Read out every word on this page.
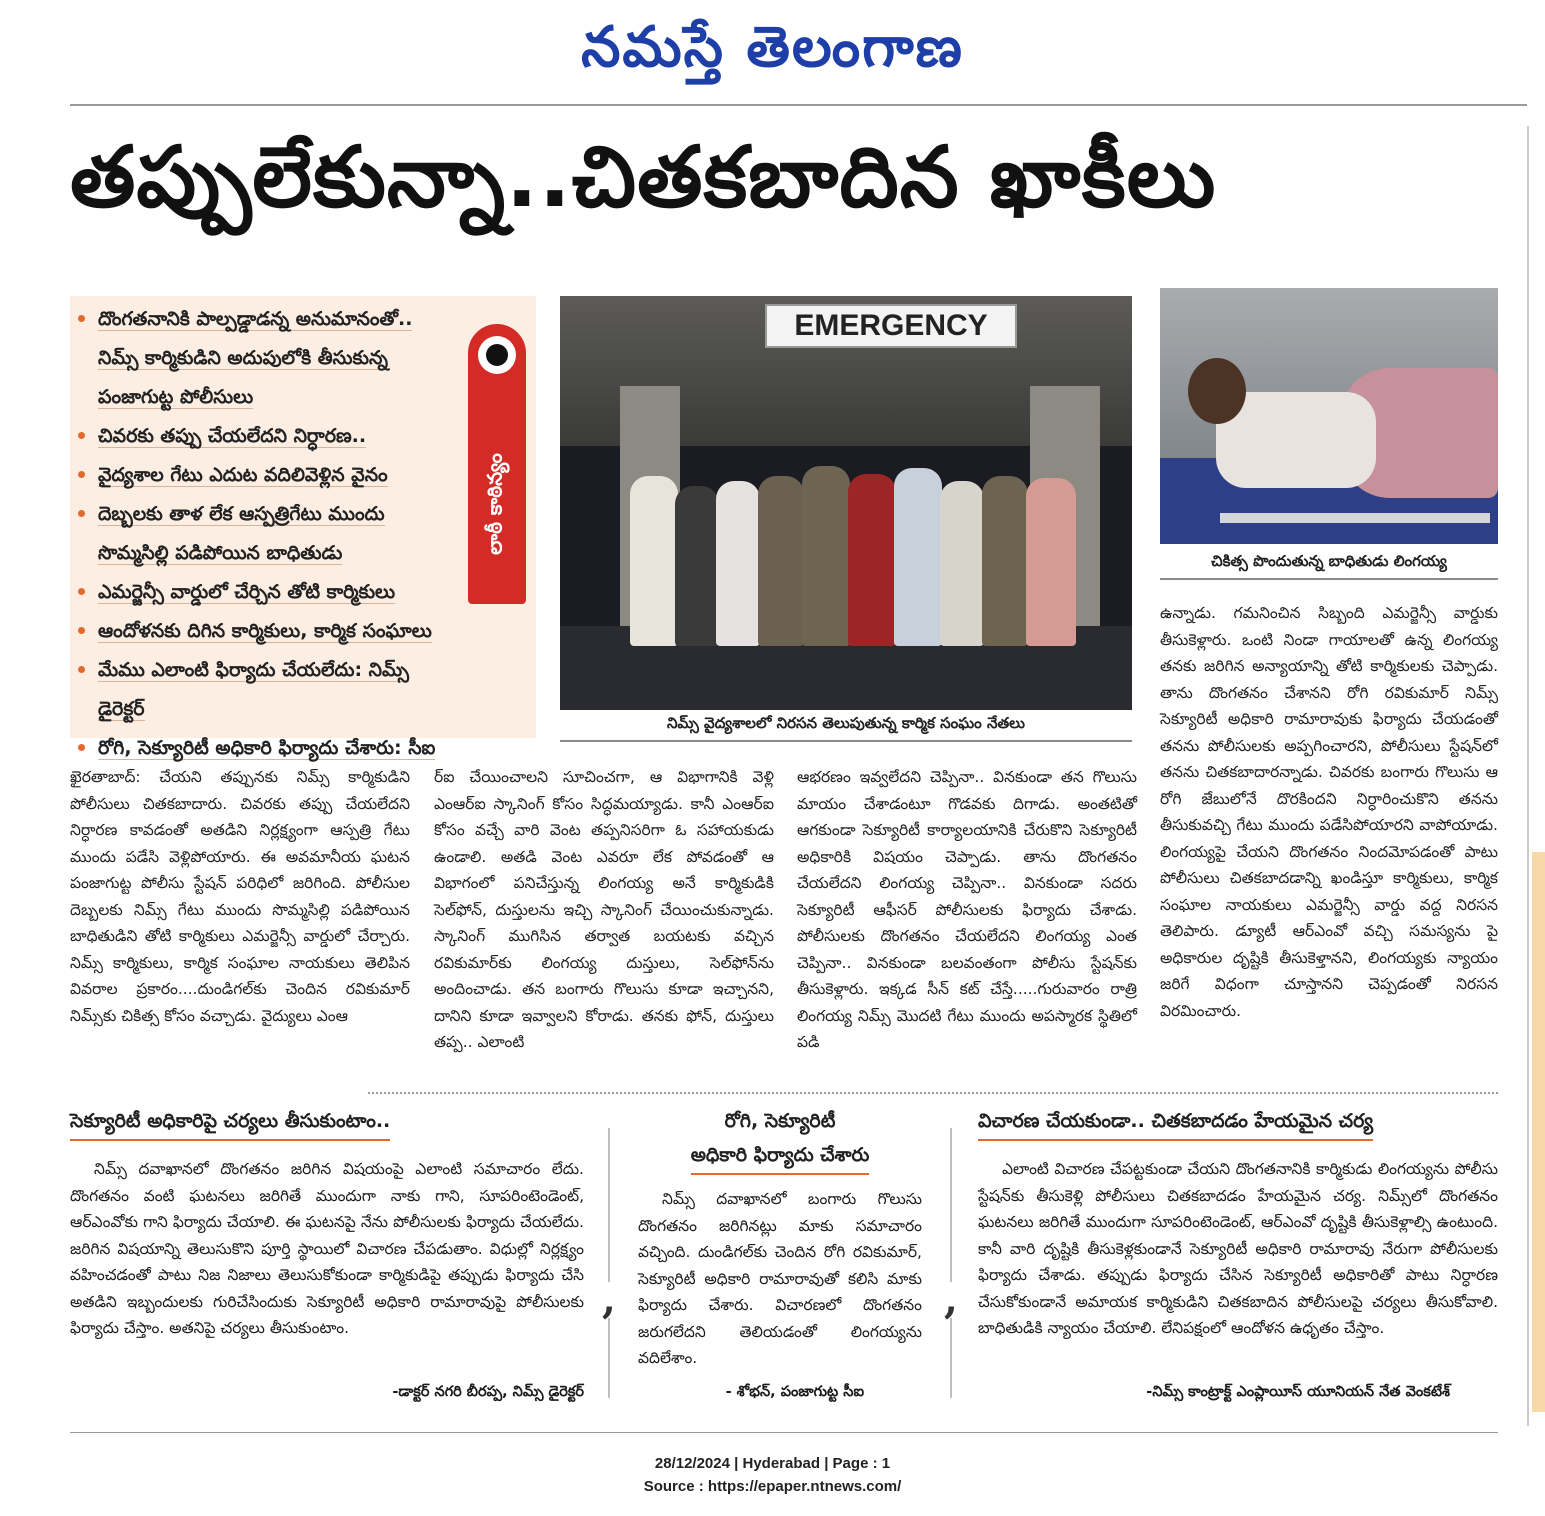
నమస్తే తెలంగాణ
తప్పులేకున్నా..చితకబాదిన ఖాకీలు
దొంగతనానికి పాల్పడ్డాడన్న అనుమానంతో..
నిమ్స్ కార్మికుడిని అదుపులోకి తీసుకున్న
పంజాగుట్ట పోలీసులు
చివరకు తప్పు చేయలేదని నిర్ధారణ..
వైద్యశాల గేటు ఎదుట వదిలివెళ్లిన వైనం
దెబ్బలకు తాళ లేక ఆస్పత్రిగేటు ముందు
సొమ్మసిల్లి పడిపోయిన బాధితుడు
ఎమర్జెన్సీ వార్డులో చేర్చిన తోటి కార్మికులు
ఆందోళనకు దిగిన కార్మికులు, కార్మిక సంఘాలు
మేము ఎలాంటి ఫిర్యాదు చేయలేదు: నిమ్స్ డైరెక్టర్
రోగి, సెక్యూరిటీ అధికారి ఫిర్యాదు చేశారు: సీఐ
లాఠీ కాఠిన్యం
EMERGENCY
నిమ్స్ వైద్యశాలలో నిరసన తెలుపుతున్న కార్మిక సంఘం నేతలు
చికిత్స పొందుతున్న బాధితుడు లింగయ్య
ఖైరతాబాద్: చేయని తప్పునకు నిమ్స్ కార్మికుడిని పోలీసులు చితకబాదారు. చివరకు తప్పు చేయలేదని నిర్ధారణ కావడంతో అతడిని నిర్లక్ష్యంగా ఆస్పత్రి గేటు ముందు పడేసి వెళ్లిపోయారు. ఈ అవమానీయ ఘటన పంజాగుట్ట పోలీసు స్టేషన్ పరిధిలో జరిగింది. పోలీసుల దెబ్బలకు నిమ్స్ గేటు ముందు సొమ్మసిల్లి పడిపోయిన బాధితుడిని తోటి కార్మికులు ఎమర్జెన్సీ వార్డులో చేర్చారు. నిమ్స్ కార్మికులు, కార్మిక సంఘాల నాయకులు తెలిపిన వివరాల ప్రకారం....దుండిగల్‌కు చెందిన రవికుమార్ నిమ్స్‌కు చికిత్స కోసం వచ్చాడు. వైద్యులు ఎంఆ
ర్ఐ చేయించాలని సూచించగా, ఆ విభాగానికి వెళ్లి ఎంఆర్ఐ స్కానింగ్ కోసం సిద్ధమయ్యాడు. కానీ ఎంఆర్ఐ కోసం వచ్చే వారి వెంట తప్పనిసరిగా ఓ సహాయకుడు ఉండాలి. అతడి వెంట ఎవరూ లేక పోవడంతో ఆ విభాగంలో పనిచేస్తున్న లింగయ్య అనే కార్మికుడికి సెల్‌ఫోన్, దుస్తులను ఇచ్చి స్కానింగ్ చేయించుకున్నాడు. స్కానింగ్ ముగిసిన తర్వాత బయటకు వచ్చిన రవికుమార్‌కు లింగయ్య దుస్తులు, సెల్‌ఫోన్‌ను అందించాడు. తన బంగారు గొలుసు కూడా ఇచ్చానని, దానిని కూడా ఇవ్వాలని కోరాడు. తనకు ఫోన్, దుస్తులు తప్ప.. ఎలాంటి
ఆభరణం ఇవ్వలేదని చెప్పినా.. వినకుండా తన గొలుసు మాయం చేశాడంటూ గొడవకు దిగాడు. అంతటితో ఆగకుండా సెక్యూరిటీ కార్యాలయానికి చేరుకొని సెక్యూరిటీ అధికారికి విషయం చెప్పాడు. తాను దొంగతనం చేయలేదని లింగయ్య చెప్పినా.. వినకుండా సదరు సెక్యూరిటీ ఆఫీసర్ పోలీసులకు ఫిర్యాదు చేశాడు. పోలీసులకు దొంగతనం చేయలేదని లింగయ్య ఎంత చెప్పినా.. వినకుండా బలవంతంగా పోలీసు స్టేషన్‌కు తీసుకెళ్లారు. ఇక్కడ సీన్ కట్ చేస్తే.....గురువారం రాత్రి లింగయ్య నిమ్స్ మొదటి గేటు ముందు అపస్మారక స్థితిలో పడి
ఉన్నాడు. గమనించిన సిబ్బంది ఎమర్జెన్సీ వార్డుకు తీసుకెళ్లారు. ఒంటి నిండా గాయాలతో ఉన్న లింగయ్య తనకు జరిగిన అన్యాయాన్ని తోటి కార్మికులకు చెప్పాడు. తాను దొంగతనం చేశానని రోగి రవికుమార్ నిమ్స్ సెక్యూరిటీ అధికారి రామారావుకు ఫిర్యాదు చేయడంతో తనను పోలీసులకు అప్పగించారని, పోలీసులు స్టేషన్‌లో తనను చితకబాదారన్నాడు. చివరకు బంగారు గొలుసు ఆ రోగి జేబులోనే దొరకిందని నిర్ధారించుకొని తనను తీసుకువచ్చి గేటు ముందు పడేసిపోయారని వాపోయాడు. లింగయ్యపై చేయని దొంగతనం నిందమోపడంతో పాటు పోలీసులు చితకబాదడాన్ని ఖండిస్తూ కార్మికులు, కార్మిక సంఘాల నాయకులు ఎమర్జెన్సీ వార్డు వద్ద నిరసన తెలిపారు. డ్యూటీ ఆర్ఎంవో వచ్చి సమస్యను పై అధికారుల దృష్టికి తీసుకెళ్తానని, లింగయ్యకు న్యాయం జరిగే విధంగా చూస్తానని చెప్పడంతో నిరసన విరమించారు.
సెక్యూరిటీ అధికారిపై చర్యలు తీసుకుంటాం..
నిమ్స్ దవాఖానలో దొంగతనం జరిగిన విషయంపై ఎలాంటి సమాచారం లేదు. దొంగతనం వంటి ఘటనలు జరిగితే ముందుగా నాకు గాని, సూపరింటెండెంట్, ఆర్ఎంవోకు గాని ఫిర్యాదు చేయాలి. ఈ ఘటనపై నేను పోలీసులకు ఫిర్యాదు చేయలేదు. జరిగిన విషయాన్ని తెలుసుకొని పూర్తి స్థాయిలో విచారణ చేపడుతాం. విధుల్లో నిర్లక్ష్యం వహించడంతో పాటు నిజ నిజాలు తెలుసుకోకుండా కార్మికుడిపై తప్పుడు ఫిర్యాదు చేసి అతడిని ఇబ్బందులకు గురిచేసిందుకు సెక్యూరిటీ అధికారి రామారావుపై పోలీసులకు ఫిర్యాదు చేస్తాం. అతనిపై చర్యలు తీసుకుంటాం.
-డాక్టర్ నగరి బీరప్ప, నిమ్స్ డైరెక్టర్
,
రోగి, సెక్యూరిటీ
అధికారి ఫిర్యాదు చేశారు
నిమ్స్ దవాఖానలో బంగారు గొలుసు దొంగతనం జరిగినట్లు మాకు సమాచారం వచ్చింది. దుండిగల్‌కు చెందిన రోగి రవికుమార్, సెక్యూరిటీ అధికారి రామారావుతో కలిసి మాకు ఫిర్యాదు చేశారు. విచారణలో దొంగతనం జరుగలేదని తెలియడంతో లింగయ్యను వదిలేశాం.
- శోభన్, పంజాగుట్ట సీఐ
,
విచారణ చేయకుండా.. చితకబాదడం హేయమైన చర్య
ఎలాంటి విచారణ చేపట్టకుండా చేయని దొంగతనానికి కార్మికుడు లింగయ్యను పోలీసు స్టేషన్‌కు తీసుకెళ్లి పోలీసులు చితకబాదడం హేయమైన చర్య. నిమ్స్‌లో దొంగతనం ఘటనలు జరిగితే ముందుగా సూపరింటెండెంట్, ఆర్ఎంవో దృష్టికి తీసుకెళ్లాల్సి ఉంటుంది. కానీ వారి దృష్టికి తీసుకెళ్లకుండానే సెక్యూరిటీ అధికారి రామారావు నేరుగా పోలీసులకు ఫిర్యాదు చేశాడు. తప్పుడు ఫిర్యాదు చేసిన సెక్యూరిటీ అధికారితో పాటు నిర్ధారణ చేసుకోకుండానే అమాయక కార్మికుడిని చితకబాదిన పోలీసులపై చర్యలు తీసుకోవాలి. బాధితుడికి న్యాయం చేయాలి. లేనిపక్షంలో ఆందోళన ఉధృతం చేస్తాం.
-నిమ్స్ కాంట్రాక్ట్ ఎంప్లాయీస్ యూనియన్ నేత వెంకటేశ్
28/12/2024 | Hyderabad | Page : 1
Source : https://epaper.ntnews.com/
